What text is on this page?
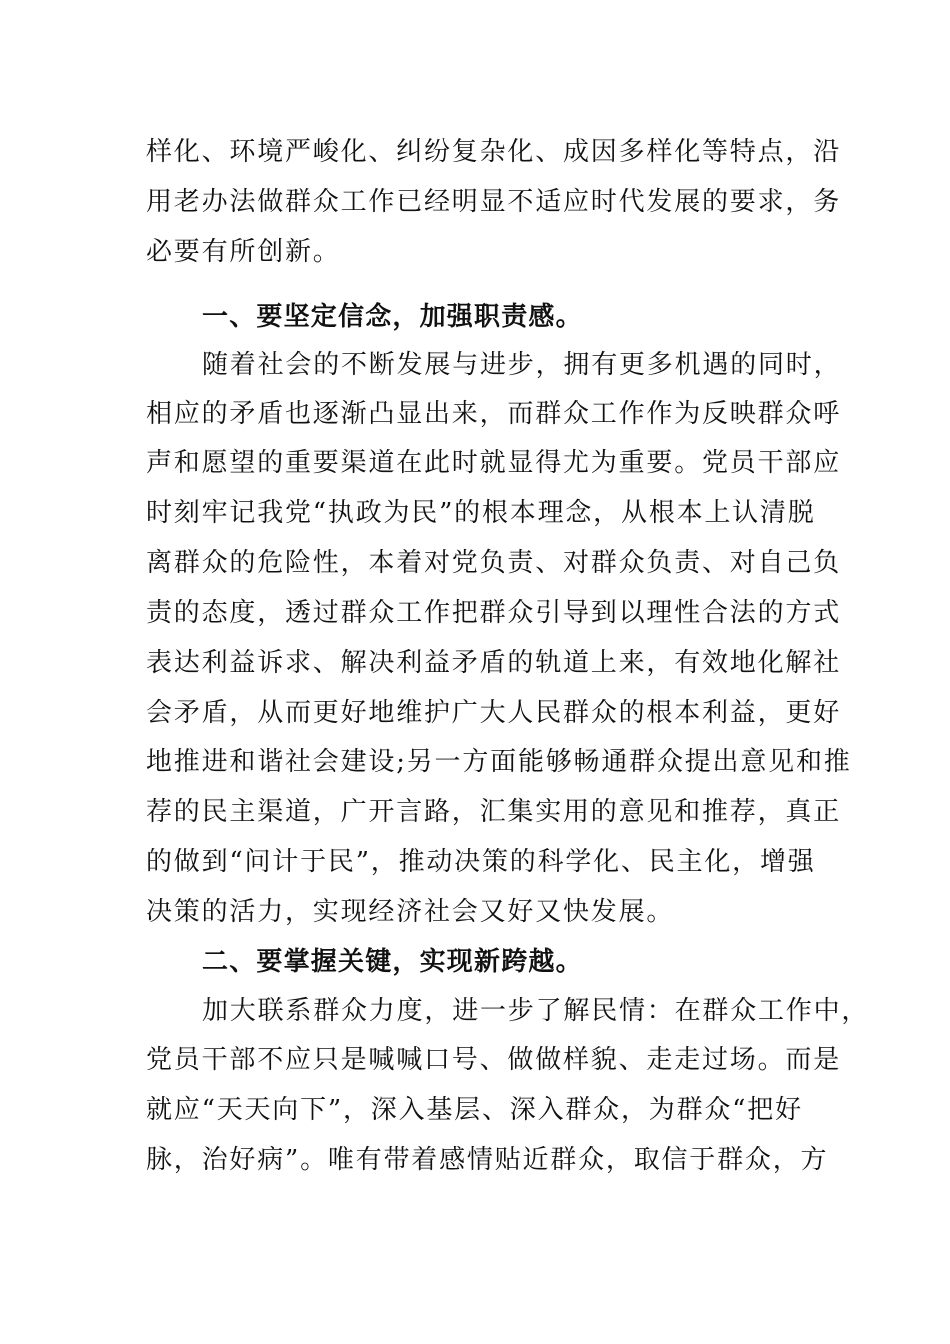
样化、环境严峻化、纠纷复杂化、成因多样化等特点，沿
用老办法做群众工作已经明显不适应时代发展的要求，务
必要有所创新。
一、要坚定信念，加强职责感。
随着社会的不断发展与进步，拥有更多机遇的同时，
相应的矛盾也逐渐凸显出来，而群众工作作为反映群众呼
声和愿望的重要渠道在此时就显得尤为重要。党员干部应
时刻牢记我党“执政为民”的根本理念，从根本上认清脱
离群众的危险性，本着对党负责、对群众负责、对自己负
责的态度，透过群众工作把群众引导到以理性合法的方式
表达利益诉求、解决利益矛盾的轨道上来，有效地化解社
会矛盾，从而更好地维护广大人民群众的根本利益，更好
地推进和谐社会建设;另一方面能够畅通群众提出意见和推
荐的民主渠道，广开言路，汇集实用的意见和推荐，真正
的做到“问计于民”，推动决策的科学化、民主化，增强
决策的活力，实现经济社会又好又快发展。
二、要掌握关键，实现新跨越。
加大联系群众力度，进一步了解民情：在群众工作中，
党员干部不应只是喊喊口号、做做样貌、走走过场。而是
就应“天天向下”，深入基层、深入群众，为群众“把好
脉，治好病”。唯有带着感情贴近群众，取信于群众，方
